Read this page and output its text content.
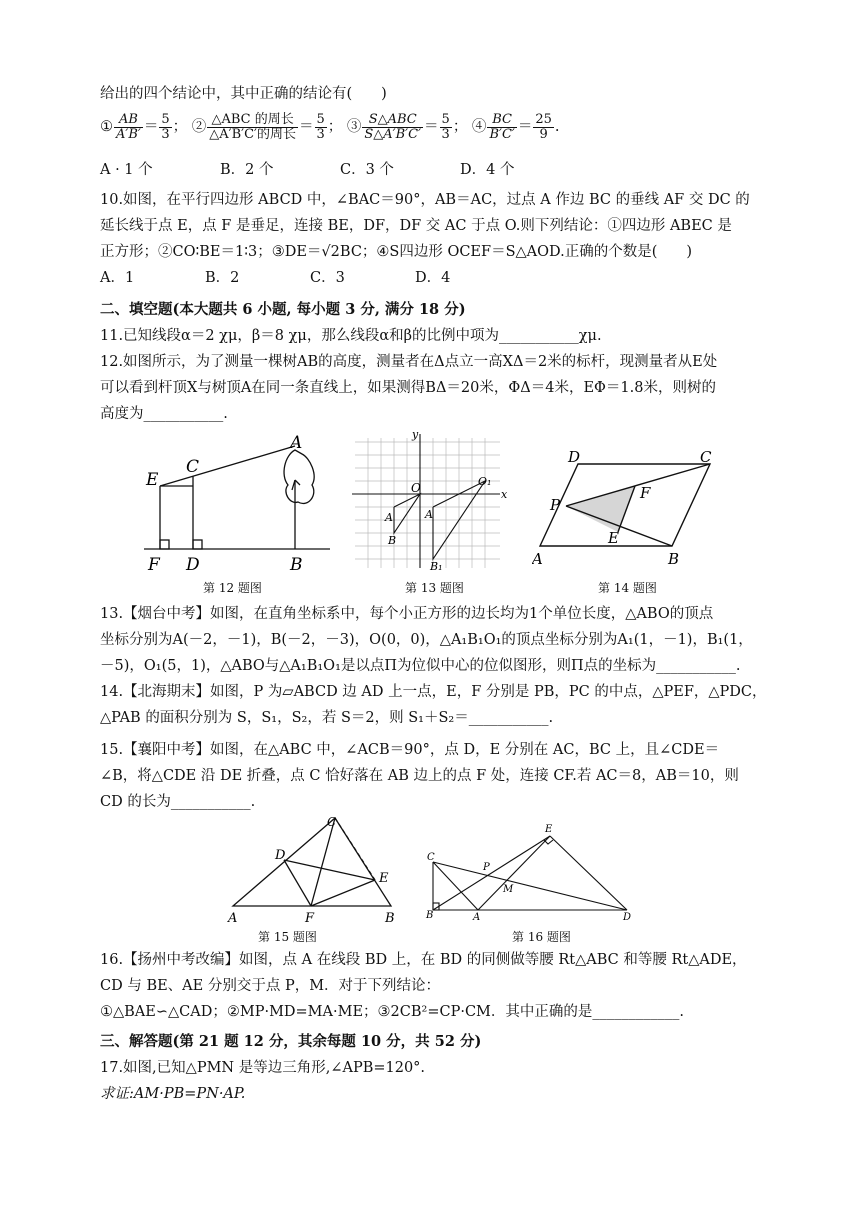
给出的四个结论中，其中正确的结论有(　　)
① $\frac{AB}{A'B'} = \frac{5}{3}$ ； ② $\frac{\text{△ABC 的周长}}{\text{△A′B′C′的周长}} = \frac{5}{3}$ ； ③ $\frac{\text{S△ABC}}{S\triangle A'B'C'} = \frac{5}{3}$ ； ④ $\frac{BC}{B'C'} = \frac{25}{9}$ .
A · 1 个	B．2 个	C．3 个	D．4 个
10.如图，在平行四边形 ABCD 中，∠BAC＝90°，AB＝AC，过点 A 作边 BC 的垂线 AF 交 DC 的
延长线于点 E，点 F 是垂足，连接 BE，DF，DF 交 AC 于点 O.则下列结论：①四边形 ABEC 是
正方形；②CO∶BE＝1∶3；③DE＝√2BC；④S四边形 OCEF＝S△AOD.正确的个数是(　　)
A．1	B．2	C．3	D．4
二、填空题(本大题共 6 小题, 每小题 3 分, 满分 18 分)
11.已知线段α＝2 χμ，β＝8 χμ，那么线段α和β的比例中项为___________χμ.
12.如图所示，为了测量一棵树AB的高度，测量者在Δ点立一高ΧΔ＝2米的标杆，现测量者从Ε处
可以看到杆顶Χ与树顶Α在同一条直线上，如果测得ΒΔ＝20米，ΦΔ＝4米，ΕΦ＝1.8米，则树的
高度为___________.
E
C
A
F D	B
第 12 题图
x
y
O
A
B
A
O₁
B₁
第 13 题图
D	C
P
F
E
A	B
第 14 题图
13.【烟台中考】如图，在直角坐标系中，每个小正方形的边长均为1个单位长度，△ABO的顶点
坐标分别为A(－2，－1)，B(－2，－3)，O(0，0)，△A₁B₁O₁的顶点坐标分别为A₁(1，－1)，B₁(1，
－5)，O₁(5，1)，△ABO与△A₁B₁O₁是以点Π为位似中心的位似图形，则Π点的坐标为___________.
14.【北海期末】如图，P 为▱ABCD 边 AD 上一点，E，F 分别是 PB，PC 的中点，△PEF，△PDC，
△PAB 的面积分别为 S，S₁，S₂，若 S＝2，则 S₁＋S₂＝___________.
15.【襄阳中考】如图，在△ABC 中，∠ACB＝90°，点 D，E 分别在 AC，BC 上，且∠CDE＝
∠B，将△CDE 沿 DE 折叠，点 C 恰好落在 AB 边上的点 F 处，连接 CF.若 AC＝8，AB＝10，则
CD 的长为___________.
C
D
E
A	F	B
第 15 题图
C
E
P
M
B	A	D
第 16 题图
16.【扬州中考改编】如图，点 A 在线段 BD 上，在 BD 的同侧做等腰 Rt△ABC 和等腰 Rt△ADE，
CD 与 BE、AE 分别交于点 P，M．对于下列结论：
①△BAE∽△CAD；②MP·MD=MA·ME；③2CB²=CP·CM．其中正确的是____________.
三、解答题(第 21 题 12 分，其余每题 10 分，共 52 分)
17.如图,已知△PMN 是等边三角形,∠APB=120°.
求证:AM·PB=PN·AP.
